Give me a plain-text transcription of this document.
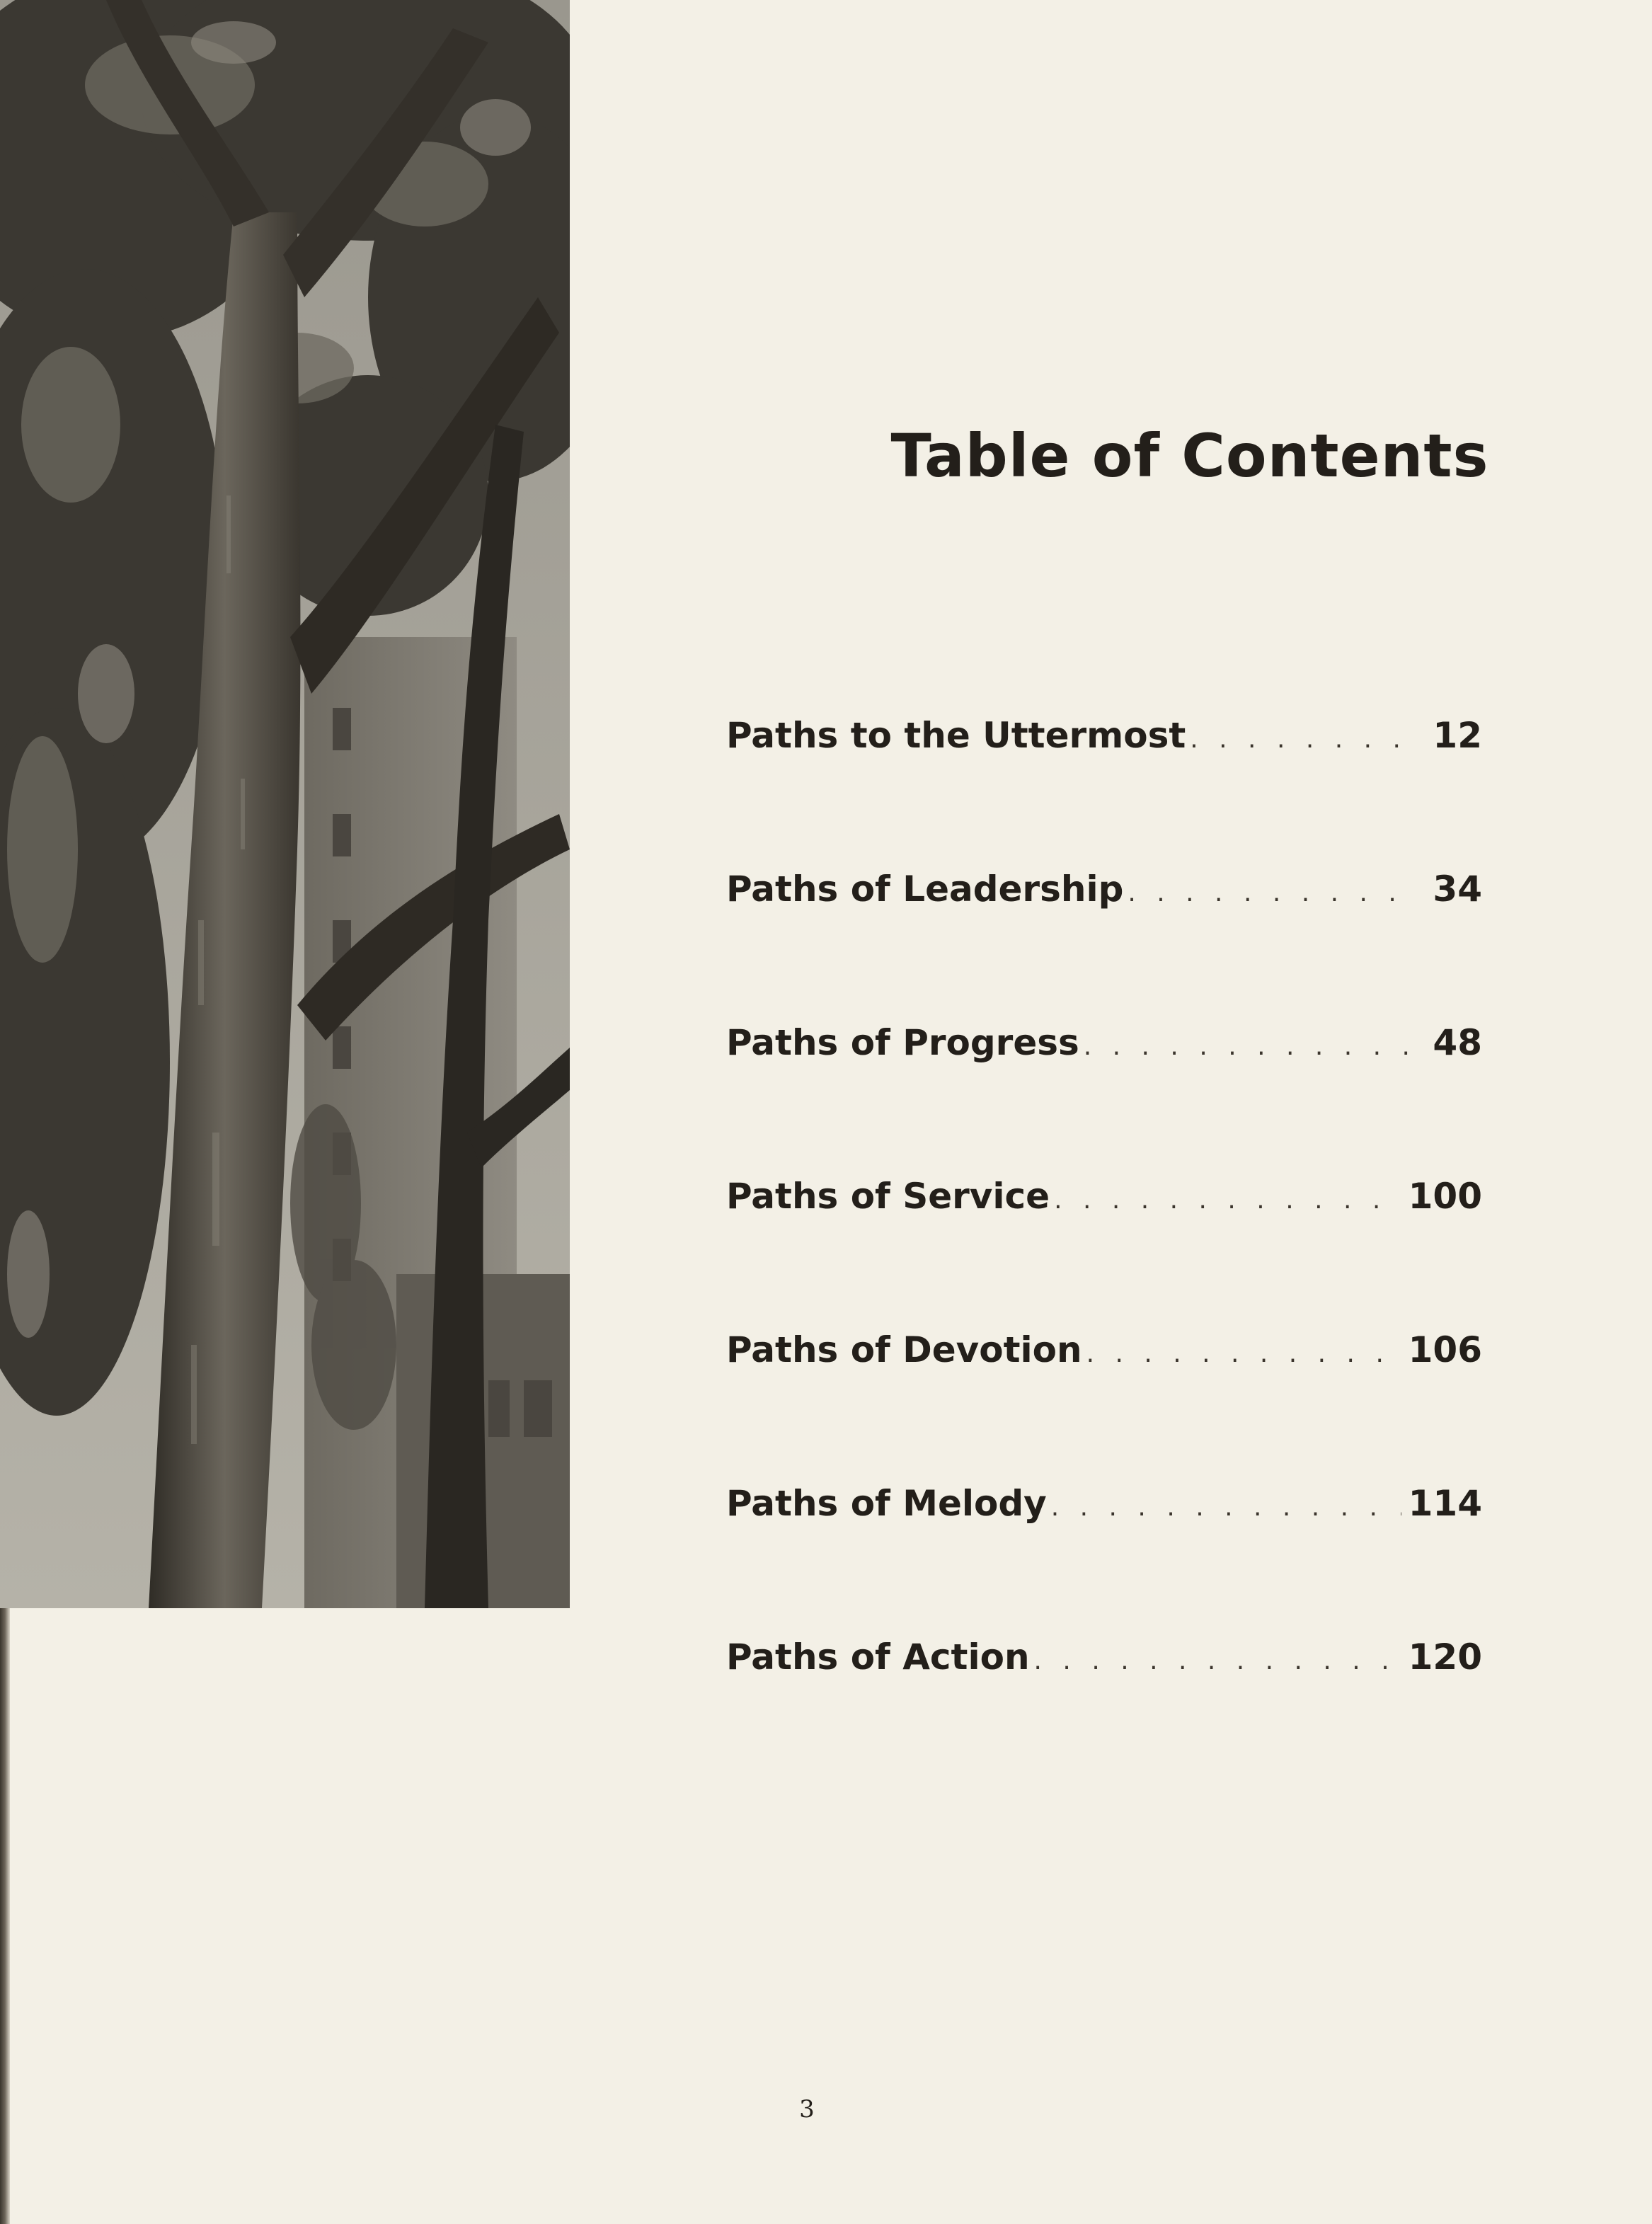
Table of Contents
Paths to the Uttermost . . .	12
Paths of Leadership . . .	34
Paths of Progress . . .	48
Paths of Service . . .	100
Paths of Devotion . . .	106
Paths of Melody . . .	114
Paths of Action . . .	120

3
